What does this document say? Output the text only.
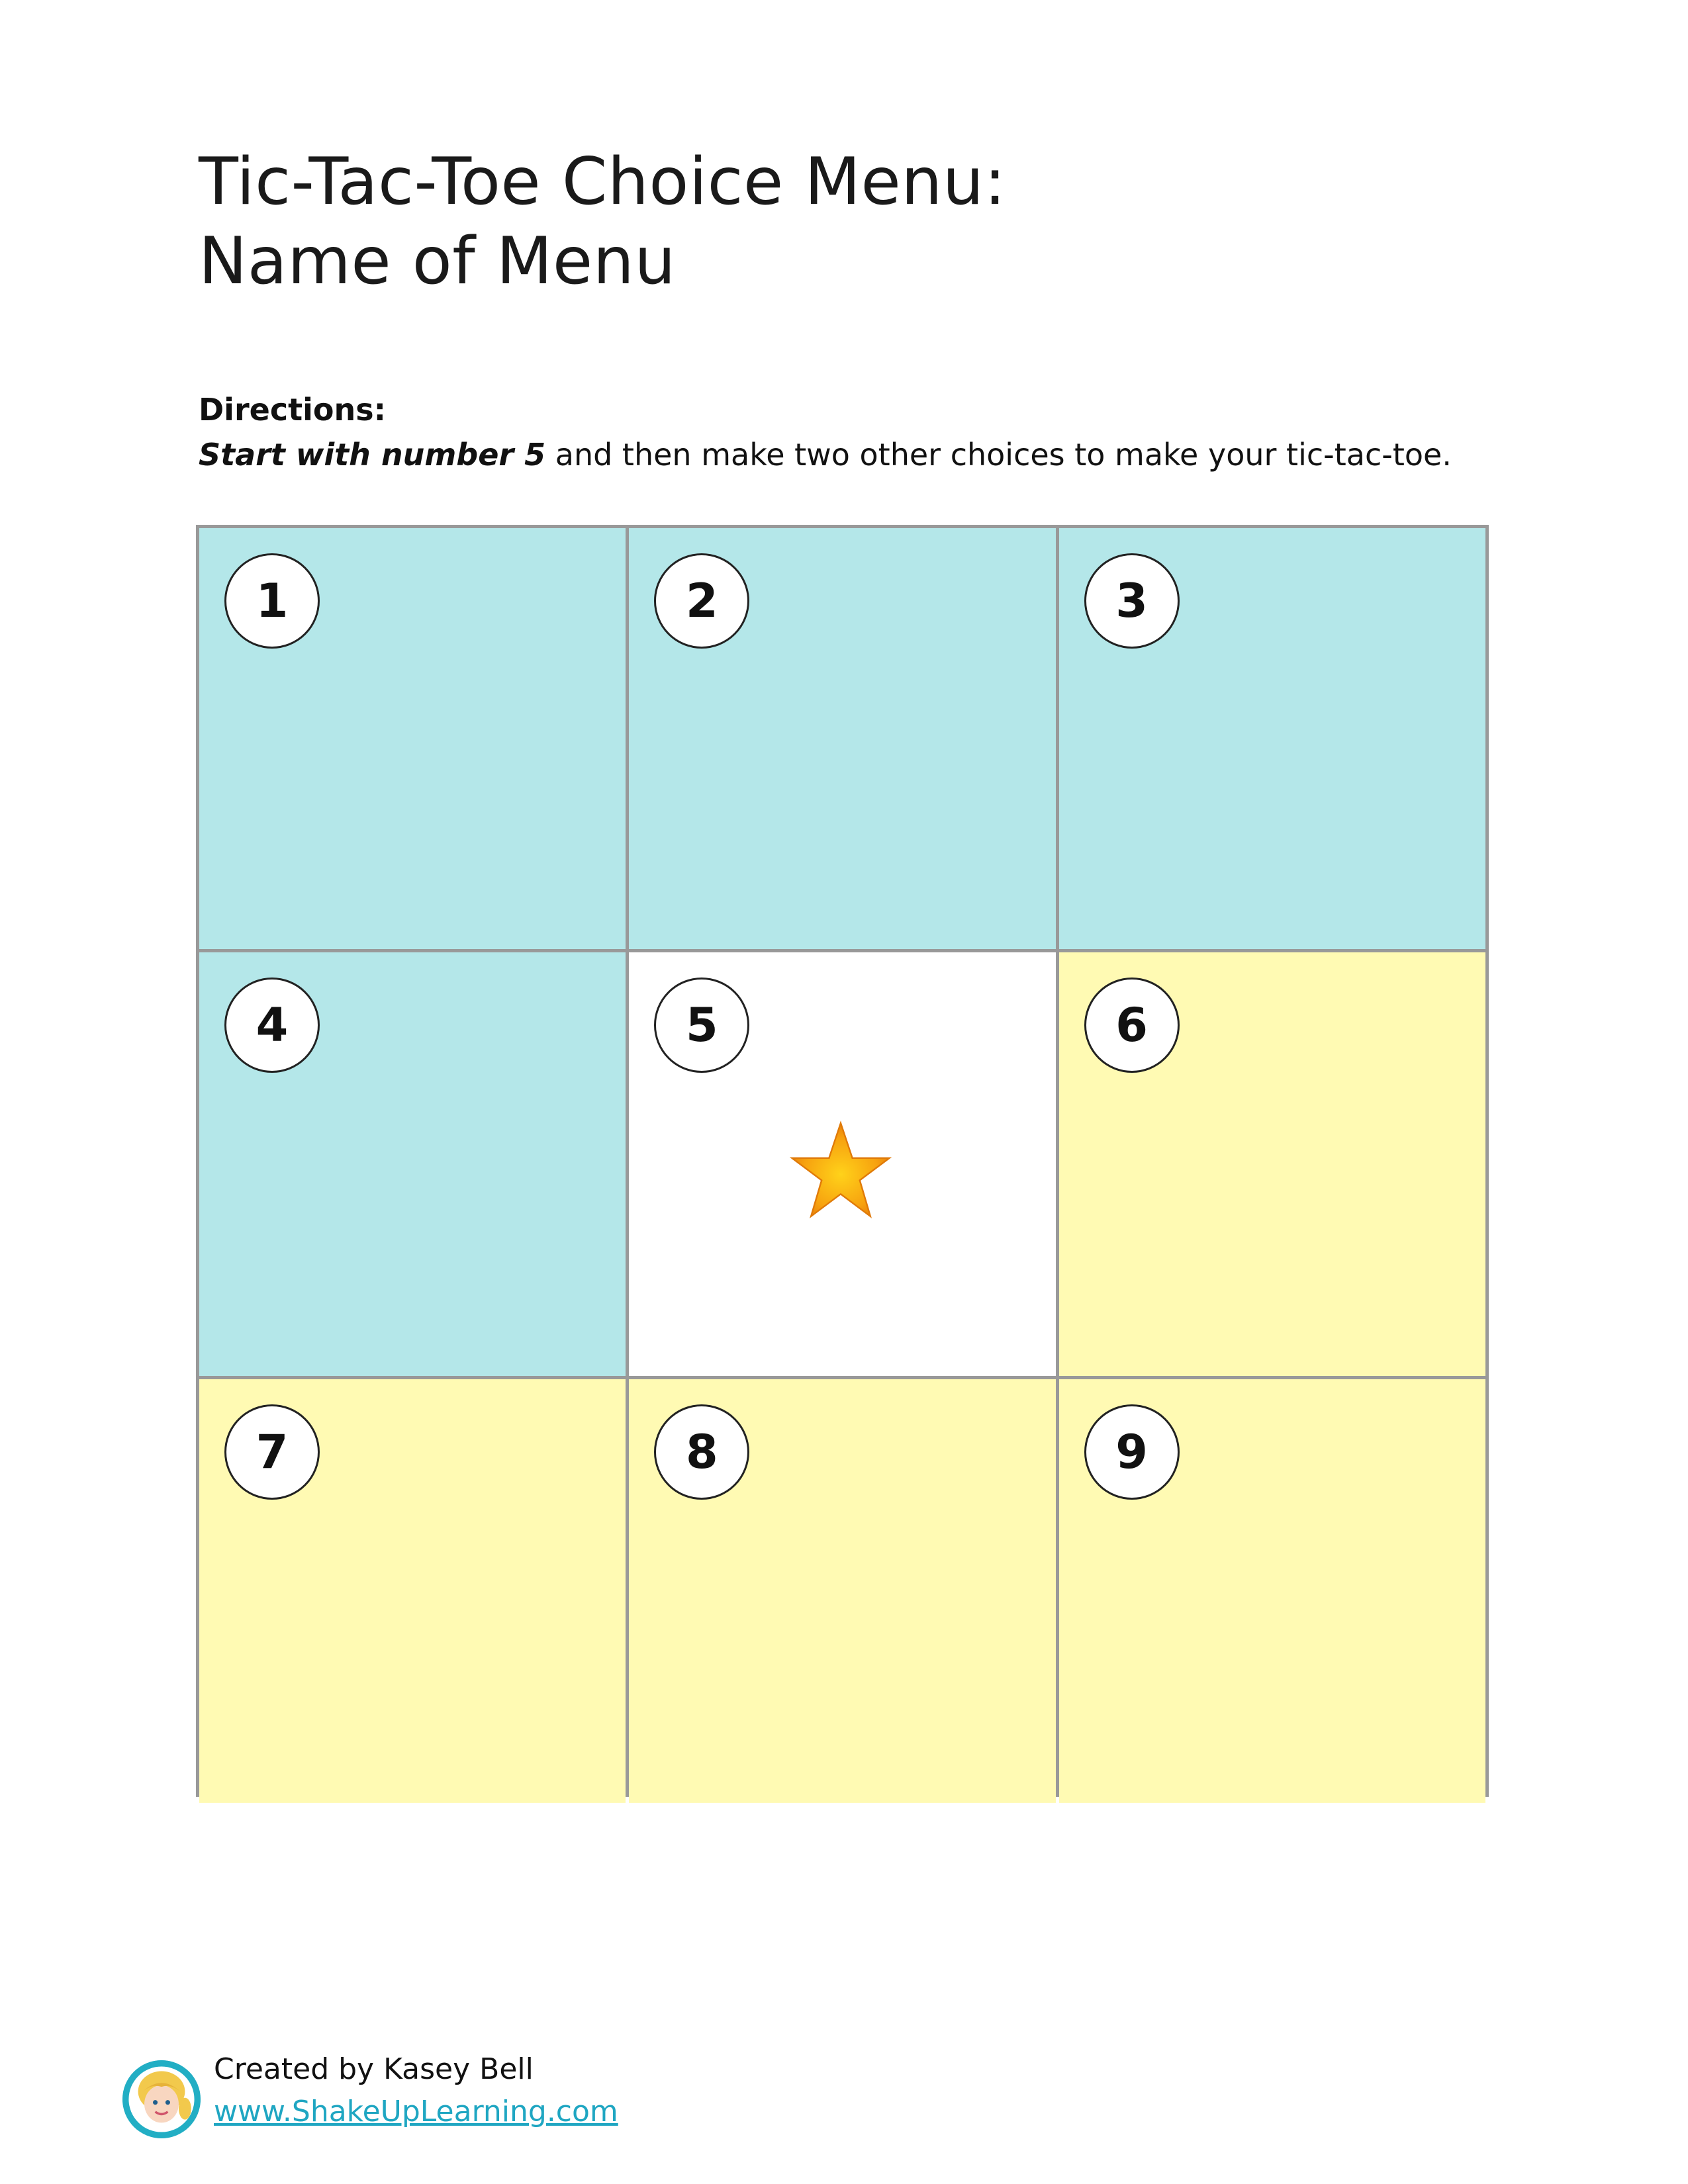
Tic-Tac-Toe Choice Menu:
Name of Menu
Directions:
Start with number 5 and then make two other choices to make your tic-tac-toe.
1	2	3
4	5	6
7	8	9
Created by Kasey Bell
www.ShakeUpLearning.com
